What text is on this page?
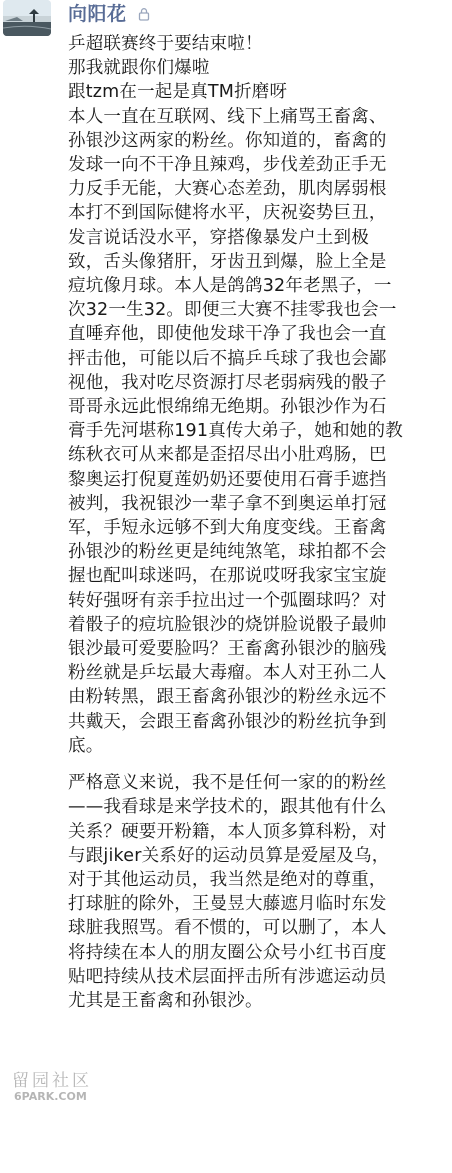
向阳花

乒超联赛终于要结束啦！
那我就跟你们爆啦
跟tzm在一起是真TM折磨呀

本人一直在互联网、线下上痛骂王畜禽、
孙银沙这两家的粉丝。你知道的，畜禽的
发球一向不干净且辣鸡，步伐差劲正手无
力反手无能，大赛心态差劲，肌肉孱弱根
本打不到国际健将水平，庆祝姿势巨丑，
发言说话没水平，穿搭像暴发户土到极
致，舌头像猪肝，牙齿丑到爆，脸上全是
痘坑像月球。本人是鸽鸽32年老黑子，一
次32一生32。即便三大赛不挂零我也会一
直唾弃他，即使他发球干净了我也会一直
抨击他，可能以后不搞乒乓球了我也会鄙
视他，我对吃尽资源打尽老弱病残的骰子
哥哥永远此恨绵绵无绝期。孙银沙作为石
膏手先河堪称191真传大弟子，她和她的教
练秋衣可从来都是歪招尽出小肚鸡肠，巴
黎奥运打倪夏莲奶奶还要使用石膏手遮挡
被判，我祝银沙一辈子拿不到奥运单打冠
军，手短永远够不到大角度变线。王畜禽
孙银沙的粉丝更是纯纯煞笔，球拍都不会
握也配叫球迷吗，在那说哎呀我家宝宝旋
转好强呀有亲手拉出过一个弧圈球吗？对
着骰子的痘坑脸银沙的烧饼脸说骰子最帅
银沙最可爱要脸吗？王畜禽孙银沙的脑残
粉丝就是乒坛最大毒瘤。本人对王孙二人
由粉转黑，跟王畜禽孙银沙的粉丝永远不
共戴天，会跟王畜禽孙银沙的粉丝抗争到
底。

严格意义来说，我不是任何一家的的粉丝
——我看球是来学技术的，跟其他有什么
关系？硬要开粉籍，本人顶多算科粉，对
与跟jiker关系好的运动员算是爱屋及乌，
对于其他运动员，我当然是绝对的尊重，
打球脏的除外，王曼昱大藤遮月临时东发
球脏我照骂。看不惯的，可以删了，本人
将持续在本人的朋友圈公众号小红书百度
贴吧持续从技术层面抨击所有涉遮运动员
尤其是王畜禽和孙银沙。

留园社区
6PARK.COM
